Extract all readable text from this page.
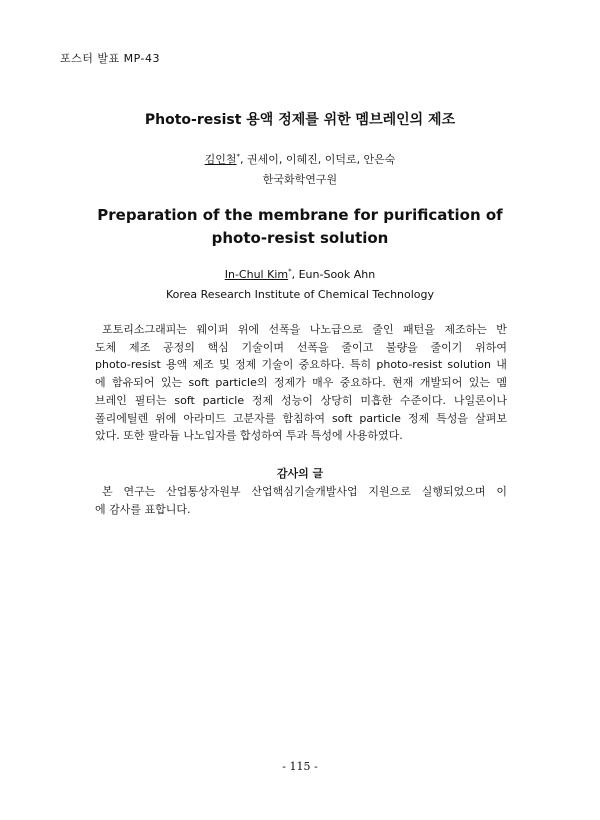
포스터 발표 MP-43
Photo-resist 용액 정제를 위한 멤브레인의 제조
김인철*, 권세이, 이혜진, 이덕로, 안은숙
한국화학연구원
Preparation of the membrane for purification of
photo-resist solution
In-Chul Kim*, Eun-Sook Ahn
Korea Research Institute of Chemical Technology
포토리소그래피는 웨이퍼 위에 선폭을 나노급으로 줄인 패턴을 제조하는 반
도체 제조 공정의 핵심 기술이며 선폭을 줄이고 불량을 줄이기 위하여
photo-resist 용액 제조 및 정제 기술이 중요하다. 특히 photo-resist solution 내
에 함유되어 있는 soft particle의 정제가 매우 중요하다. 현재 개발되어 있는 멤
브레인 필터는 soft particle 정제 성능이 상당히 미흡한 수준이다. 나일론이나
폴리에틸렌 위에 아라미드 고분자를 함침하여 soft particle 정제 특성을 살펴보
았다. 또한 팔라듐 나노입자를 합성하여 투과 특성에 사용하였다.
감사의 글
본 연구는 산업통상자원부 산업핵심기술개발사업 지원으로 실행되었으며 이
에 감사를 표합니다.
- 115 -
